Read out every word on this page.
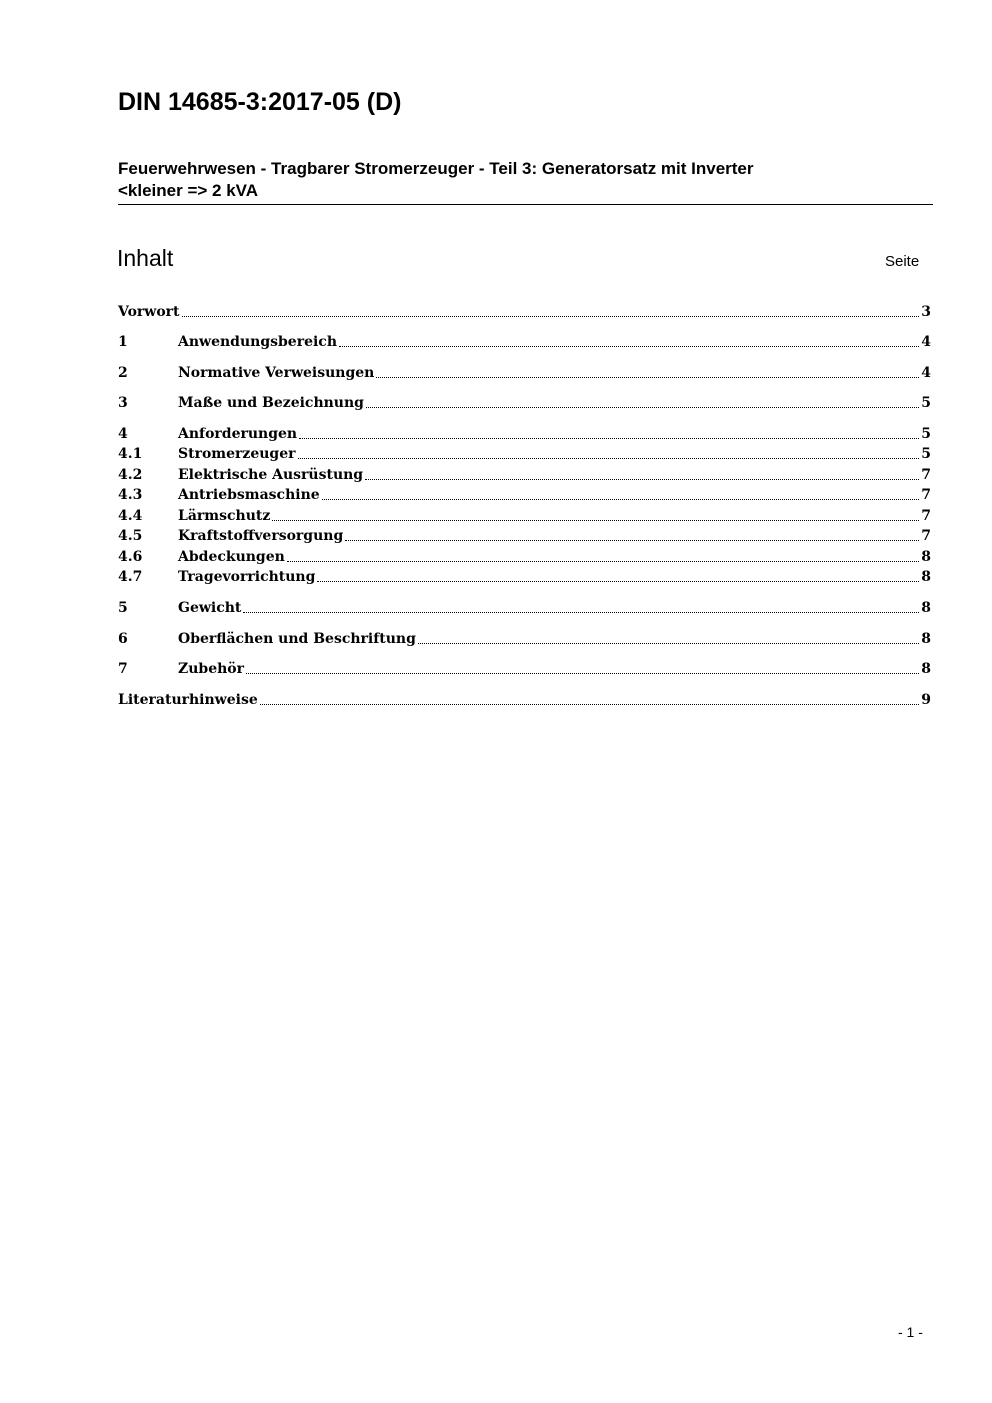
DIN 14685-3:2017-05 (D)
Feuerwehrwesen - Tragbarer Stromerzeuger - Teil 3: Generatorsatz mit Inverter
<kleiner => 2 kVA
Inhalt	Seite
Vorwort	3
1	Anwendungsbereich	4
2	Normative Verweisungen	4
3	Maße und Bezeichnung	5
4	Anforderungen	5
4.1	Stromerzeuger	5
4.2	Elektrische Ausrüstung	7
4.3	Antriebsmaschine	7
4.4	Lärmschutz	7
4.5	Kraftstoffversorgung	7
4.6	Abdeckungen	8
4.7	Tragevorrichtung	8
5	Gewicht	8
6	Oberflächen und Beschriftung	8
7	Zubehör	8
Literaturhinweise	9
- 1 -
